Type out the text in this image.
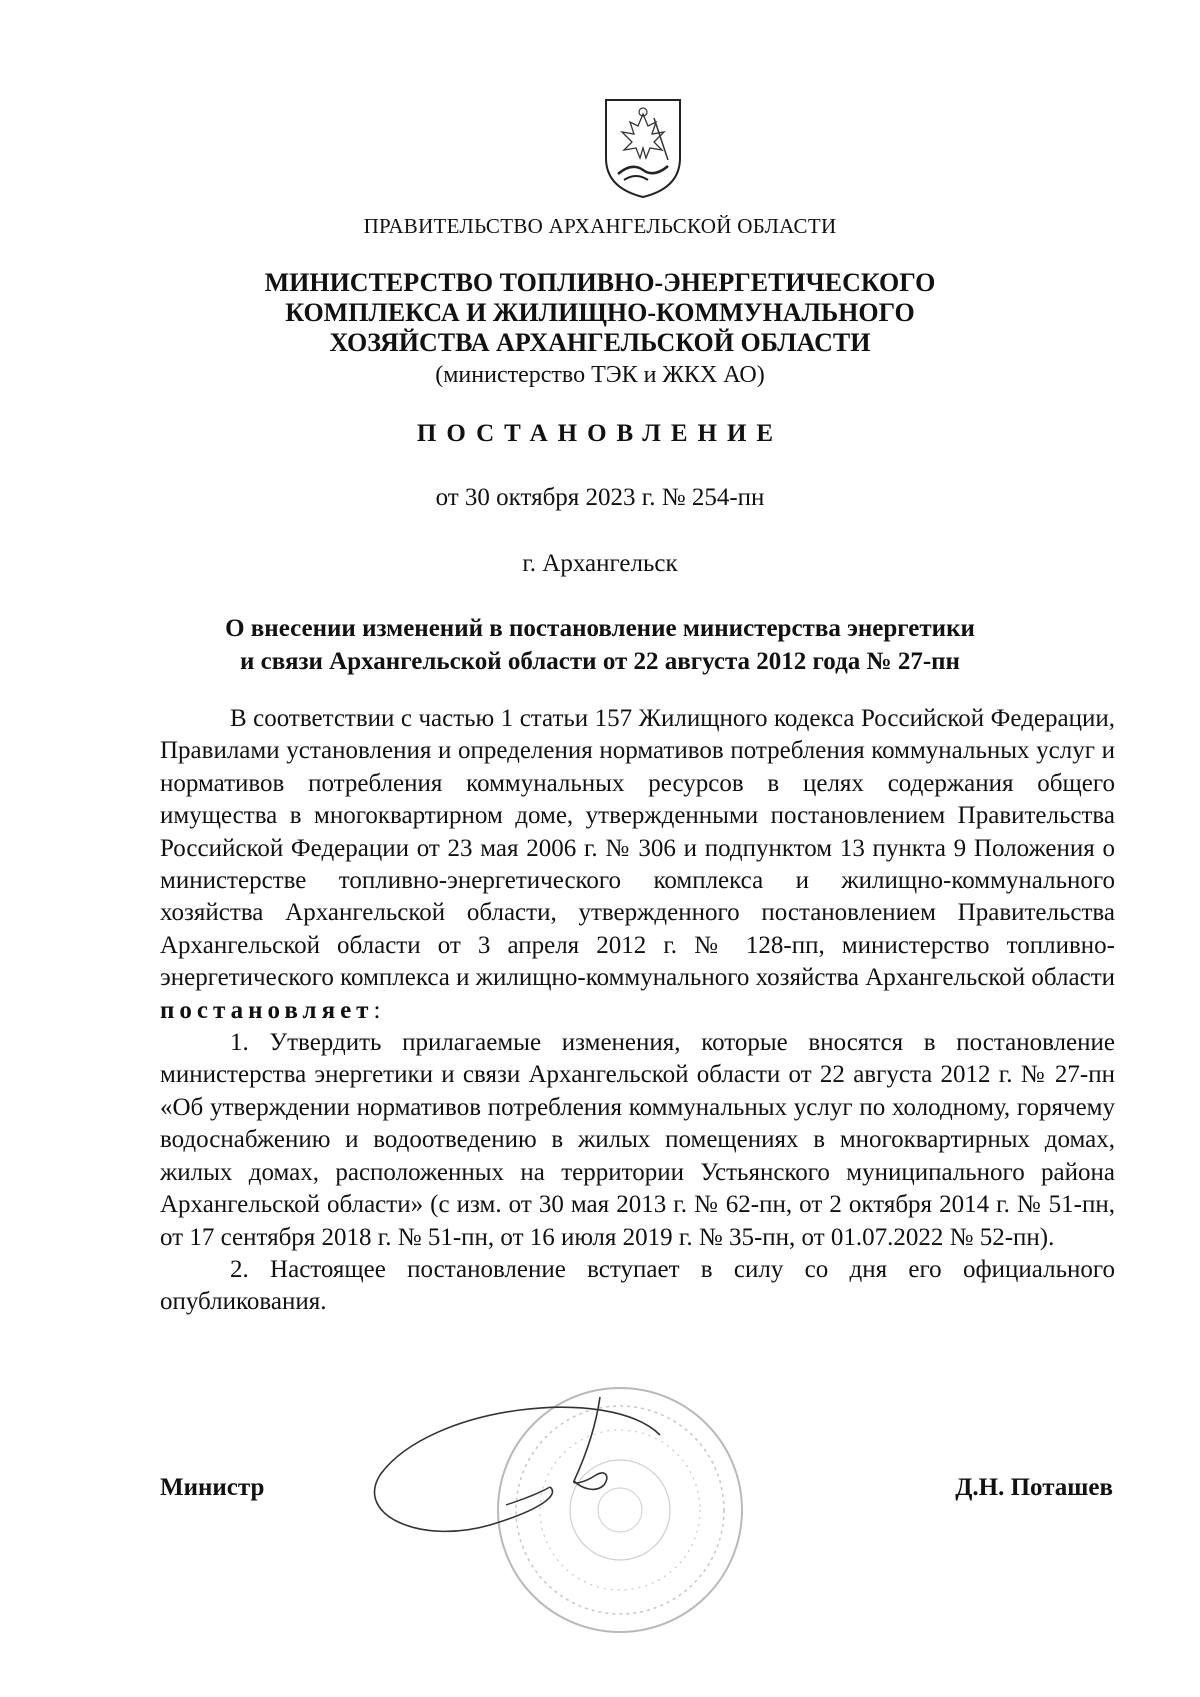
ПРАВИТЕЛЬСТВО АРХАНГЕЛЬСКОЙ ОБЛАСТИ
МИНИСТЕРСТВО ТОПЛИВНО-ЭНЕРГЕТИЧЕСКОГО
КОМПЛЕКСА И ЖИЛИЩНО-КОММУНАЛЬНОГО
ХОЗЯЙСТВА АРХАНГЕЛЬСКОЙ ОБЛАСТИ
(министерство ТЭК и ЖКХ АО)
ПОСТАНОВЛЕНИЕ
от 30 октября 2023 г. № 254-пн
г. Архангельск
О внесении изменений в постановление министерства энергетики
и связи Архангельской области от 22 августа 2012 года № 27-пн

В соответствии с частью 1 статьи 157 Жилищного кодекса Российской Федерации, Правилами установления и определения нормативов потребления коммунальных услуг и нормативов потребления коммунальных ресурсов в целях содержания общего имущества в многоквартирном доме, утвержденными постановлением Правительства Российской Федерации от 23 мая 2006 г. № 306 и подпунктом 13 пункта 9 Положения о министерстве топливно-энергетического комплекса и жилищно-коммунального хозяйства Архангельской области, утвержденного постановлением Правительства Архангельской области от 3 апреля 2012 г. № 128-пп, министерство топливно-энергетического комплекса и жилищно-коммунального хозяйства Архангельской области постановляет:

1. Утвердить прилагаемые изменения, которые вносятся в постановление министерства энергетики и связи Архангельской области от 22 августа 2012 г. № 27-пн «Об утверждении нормативов потребления коммунальных услуг по холодному, горячему водоснабжению и водоотведению в жилых помещениях в многоквартирных домах, жилых домах, расположенных на территории Устьянского муниципального района Архангельской области» (с изм. от 30 мая 2013 г. № 62-пн, от 2 октября 2014 г. № 51-пн, от 17 сентября 2018 г. № 51-пн, от 16 июля 2019 г. № 35-пн, от 01.07.2022 № 52-пн).

2. Настоящее постановление вступает в силу со дня его официального опубликования.

Министр	Д.Н. Поташев
